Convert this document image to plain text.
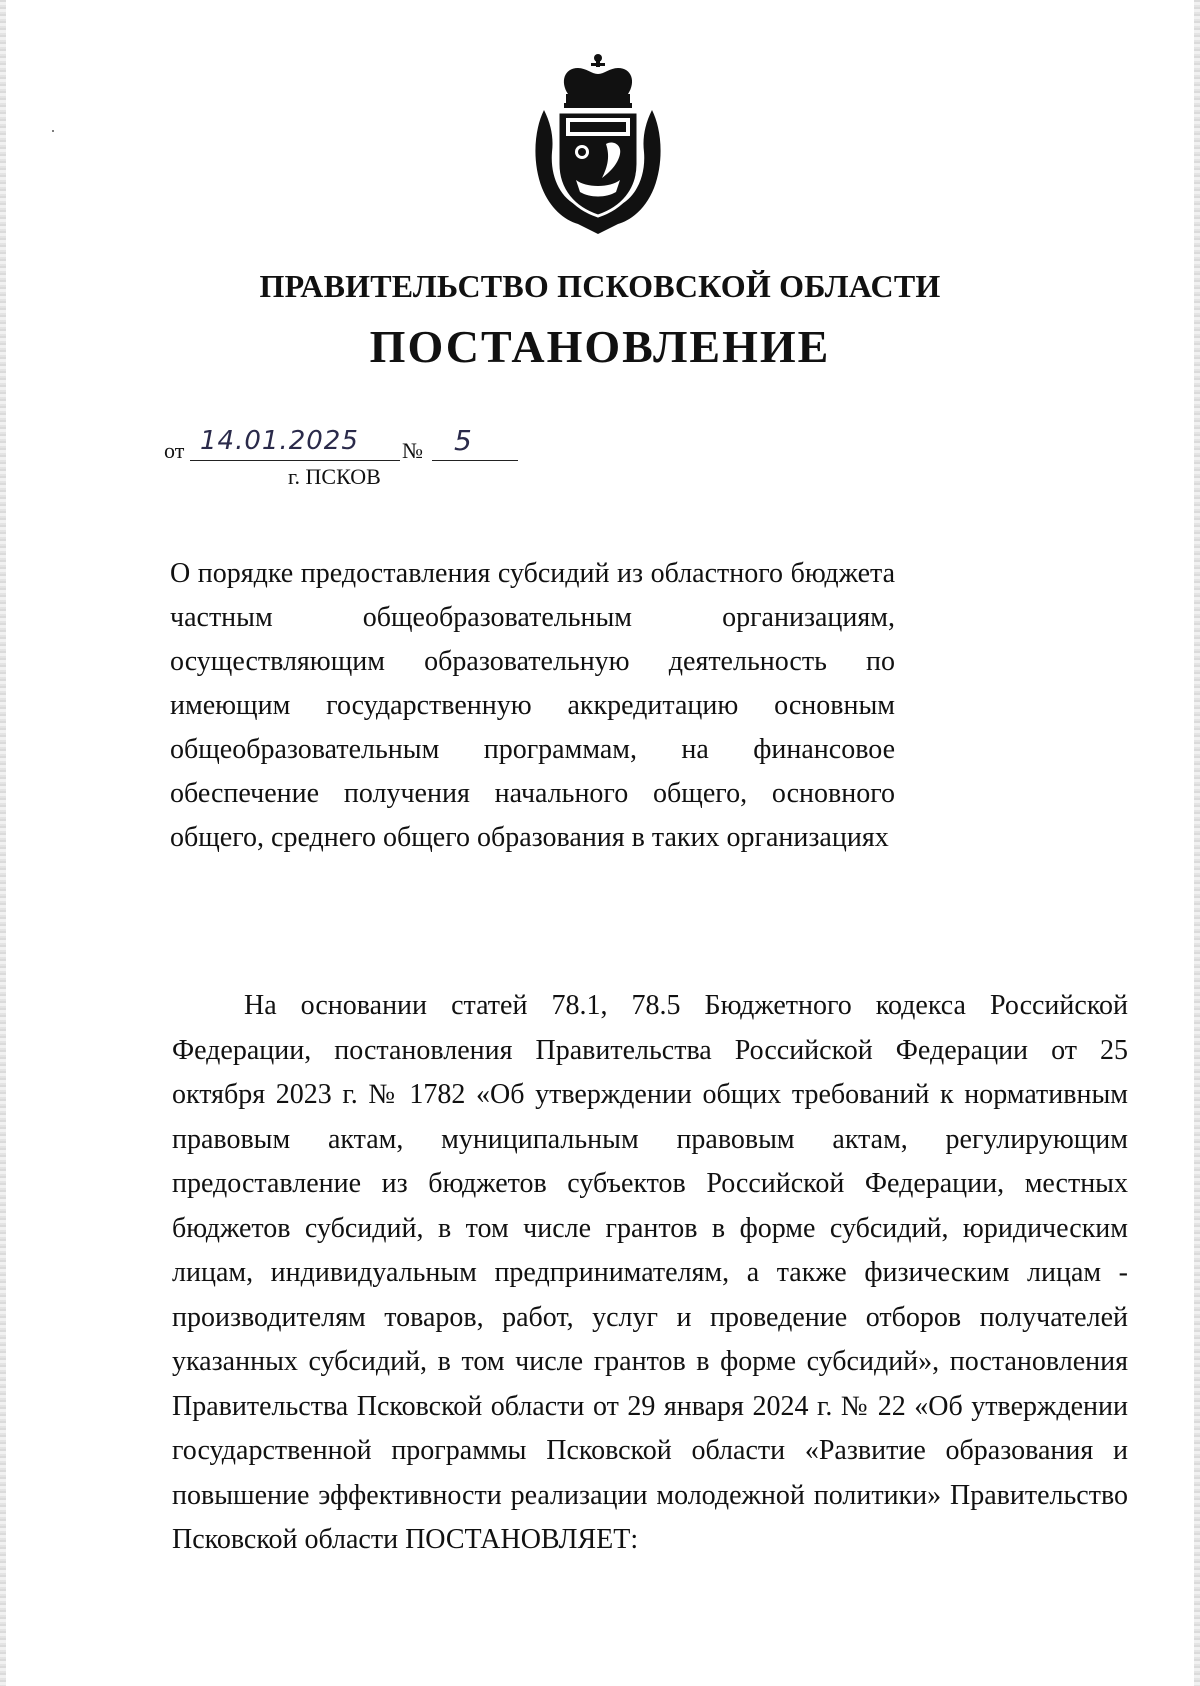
ПРАВИТЕЛЬСТВО ПСКОВСКОЙ ОБЛАСТИ
ПОСТАНОВЛЕНИЕ
от 14.01.2025 № 5
г. ПСКОВ
О порядке предоставления субсидий из областного бюджета частным общеобразовательным организациям, осуществляющим образовательную деятельность по имеющим государственную аккредитацию основным общеобразовательным программам, на финансовое обеспечение получения начального общего, основного общего, среднего общего образования в таких организациях
На основании статей 78.1, 78.5 Бюджетного кодекса Российской Федерации, постановления Правительства Российской Федерации от 25 октября 2023 г. № 1782 «Об утверждении общих требований к нормативным правовым актам, муниципальным правовым актам, регулирующим предоставление из бюджетов субъектов Российской Федерации, местных бюджетов субсидий, в том числе грантов в форме субсидий, юридическим лицам, индивидуальным предпринимателям, а также физическим лицам - производителям товаров, работ, услуг и проведение отборов получателей указанных субсидий, в том числе грантов в форме субсидий», постановления Правительства Псковской области от 29 января 2024 г. № 22 «Об утверждении государственной программы Псковской области «Развитие образования и повышение эффективности реализации молодежной политики» Правительство Псковской области ПОСТАНОВЛЯЕТ:
